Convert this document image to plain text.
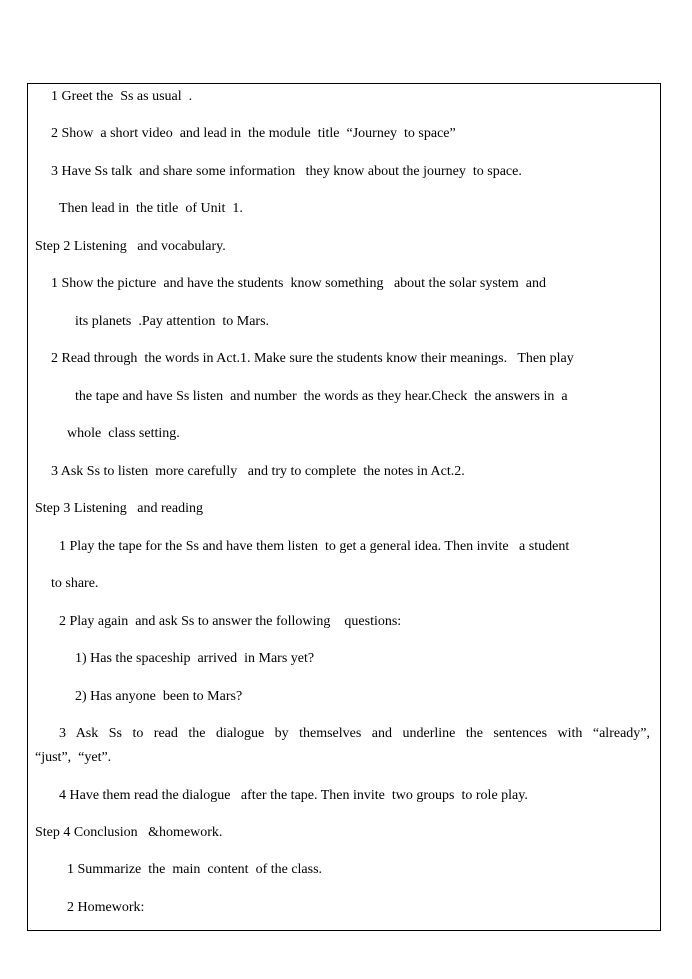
1 Greet the  Ss as usual  .
2 Show  a short video  and lead in  the module  title  “Journey  to space”
3 Have Ss talk  and share some information   they know about the journey  to space.
Then lead in  the title  of Unit  1.
Step 2 Listening   and vocabulary.
1 Show the picture  and have the students  know something   about the solar system  and
its planets  .Pay attention  to Mars.
2 Read through  the words in Act.1. Make sure the students know their meanings.   Then play
the tape and have Ss listen  and number  the words as they hear.Check  the answers in  a
whole  class setting.
3 Ask Ss to listen  more carefully   and try to complete  the notes in Act.2.
Step 3 Listening   and reading
1 Play the tape for the Ss and have them listen  to get a general idea. Then invite   a student
to share.
2 Play again  and ask Ss to answer the following    questions:
1) Has the spaceship  arrived  in Mars yet?
2) Has anyone  been to Mars?
3 Ask Ss to read the dialogue by themselves and underline the sentences with “already”,
“just”,  “yet”.
4 Have them read the dialogue   after the tape. Then invite  two groups  to role play.
Step 4 Conclusion   &homework.
1 Summarize  the  main  content  of the class.
2 Homework:
